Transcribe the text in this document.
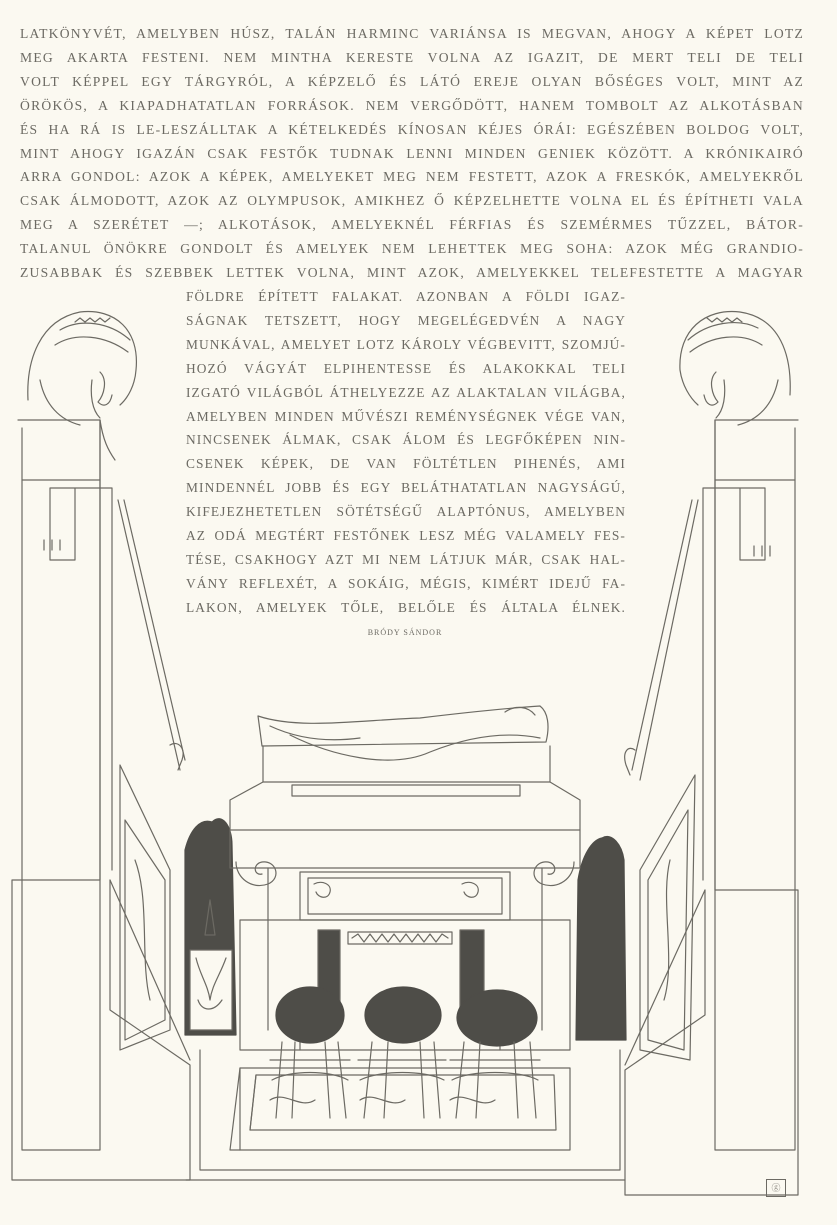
LATKÖNYVÉT, AMELYBEN HÚSZ, TALÁN HARMINC VARIÁNSA IS MEGVAN, AHOGY A KÉPET LOTZ
MEG AKARTA FESTENI. NEM MINTHA KERESTE VOLNA AZ IGAZIT, DE MERT TELI DE TELI
VOLT KÉPPEL EGY TÁRGYRÓL, A KÉPZELŐ ÉS LÁTÓ EREJE OLYAN BŐSÉGES VOLT, MINT AZ
ÖRÖKÖS, A KIAPADHATATLAN FORRÁSOK. NEM VERGŐDÖTT, HANEM TOMBOLT AZ ALKOTÁSBAN
ÉS HA RÁ IS LE-LESZÁLLTAK A KÉTELKEDÉS KÍNOSAN KÉJES ÓRÁI: EGÉSZÉBEN BOLDOG VOLT,
MINT AHOGY IGAZÁN CSAK FESTŐK TUDNAK LENNI MINDEN GENIEK KÖZÖTT. A KRÓNIKAIRÓ
ARRA GONDOL: AZOK A KÉPEK, AMELYEKET MEG NEM FESTETT, AZOK A FRESKÓK, AMELYEKRŐL
CSAK ÁLMODOTT, AZOK AZ OLYMPUSOK, AMIKHEZ Ő KÉPZELHETTE VOLNA EL ÉS ÉPÍTHETI VALA
MEG A SZERÉTET —; ALKOTÁSOK, AMELYEKNÉL FÉRFIAS ÉS SZEMÉRMES TŰZZEL, BÁTOR-
TALANUL ÖNÖKRE GONDOLT ÉS AMELYEK NEM LEHETTEK MEG SOHA: AZOK MÉG GRANDIO-
ZUSABBAK ÉS SZEBBEK LETTEK VOLNA, MINT AZOK, AMELYEKKEL TELEFESTETTE A MAGYAR

FÖLDRE ÉPÍTETT FALAKAT. AZONBAN A FÖLDI IGAZ-
SÁGNAK TETSZETT, HOGY MEGELÉGEDVÉN A NAGY
MUNKÁVAL, AMELYET LOTZ KÁROLY VÉGBEVITT, SZOMJÚ-
HOZÓ VÁGYÁT ELPIHENTESSE ÉS ALAKOKKAL TELI
IZGATÓ VILÁGBÓL ÁTHELYEZZE AZ ALAKTALAN VILÁGBA,
AMELYBEN MINDEN MŰVÉSZI REMÉNYSÉGNEK VÉGE VAN,
NINCSENEK ÁLMAK, CSAK ÁLOM ÉS LEGFŐKÉPEN NIN-
CSENEK KÉPEK, DE VAN FÖLTÉTLEN PIHENÉS, AMI
MINDENNÉL JOBB ÉS EGY BELÁTHATATLAN NAGYSÁGÚ,
KIFEJEZHETETLEN SÖTÉTSÉGŰ ALAPTÓNUS, AMELYBEN
AZ ODÁ MEGTÉRT FESTŐNEK LESZ MÉG VALAMELY FES-
TÉSE, CSAKHOGY AZT MI NEM LÁTJUK MÁR, CSAK HAL-
VÁNY REFLEXÉT, A SOKÁIG, MÉGIS, KIMÉRT IDEJŰ FA-
LAKON, AMELYEK TŐLE, BELŐLE ÉS ÁLTALA ÉLNEK.

BRÓDY SÁNDOR
ⓖ
